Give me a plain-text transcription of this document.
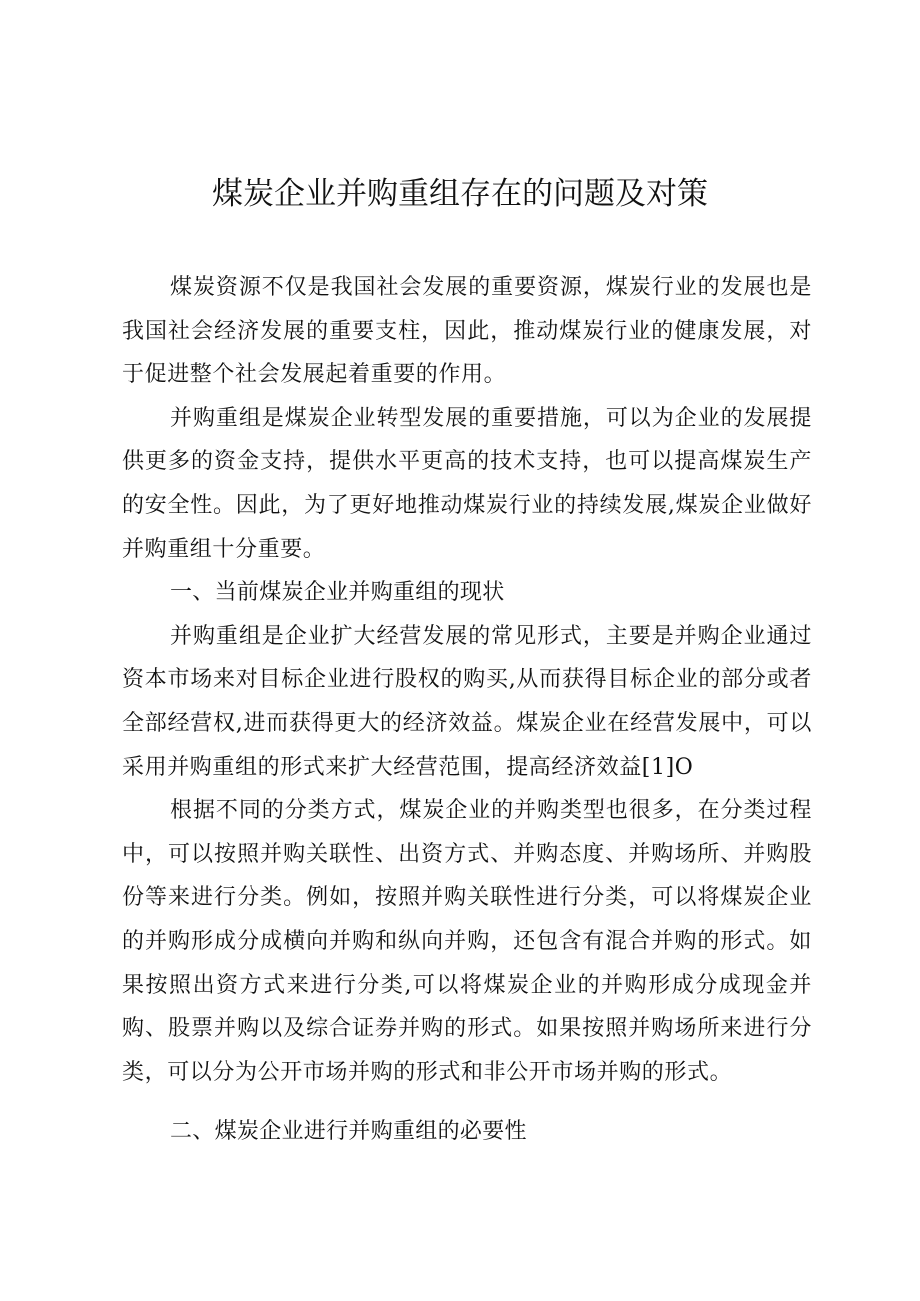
煤炭企业并购重组存在的问题及对策

煤炭资源不仅是我国社会发展的重要资源，煤炭行业的发展也是我国社会经济发展的重要支柱，因此，推动煤炭行业的健康发展，对于促进整个社会发展起着重要的作用。

并购重组是煤炭企业转型发展的重要措施，可以为企业的发展提供更多的资金支持，提供水平更高的技术支持，也可以提高煤炭生产的安全性。因此，为了更好地推动煤炭行业的持续发展,煤炭企业做好并购重组十分重要。

一、当前煤炭企业并购重组的现状

并购重组是企业扩大经营发展的常见形式，主要是并购企业通过资本市场来对目标企业进行股权的购买,从而获得目标企业的部分或者全部经营权,进而获得更大的经济效益。煤炭企业在经营发展中，可以采用并购重组的形式来扩大经营范围，提高经济效益[1]O

根据不同的分类方式，煤炭企业的并购类型也很多，在分类过程中，可以按照并购关联性、出资方式、并购态度、并购场所、并购股份等来进行分类。例如，按照并购关联性进行分类，可以将煤炭企业的并购形成分成横向并购和纵向并购，还包含有混合并购的形式。如果按照出资方式来进行分类,可以将煤炭企业的并购形成分成现金并购、股票并购以及综合证券并购的形式。如果按照并购场所来进行分类，可以分为公开市场并购的形式和非公开市场并购的形式。

二、煤炭企业进行并购重组的必要性
